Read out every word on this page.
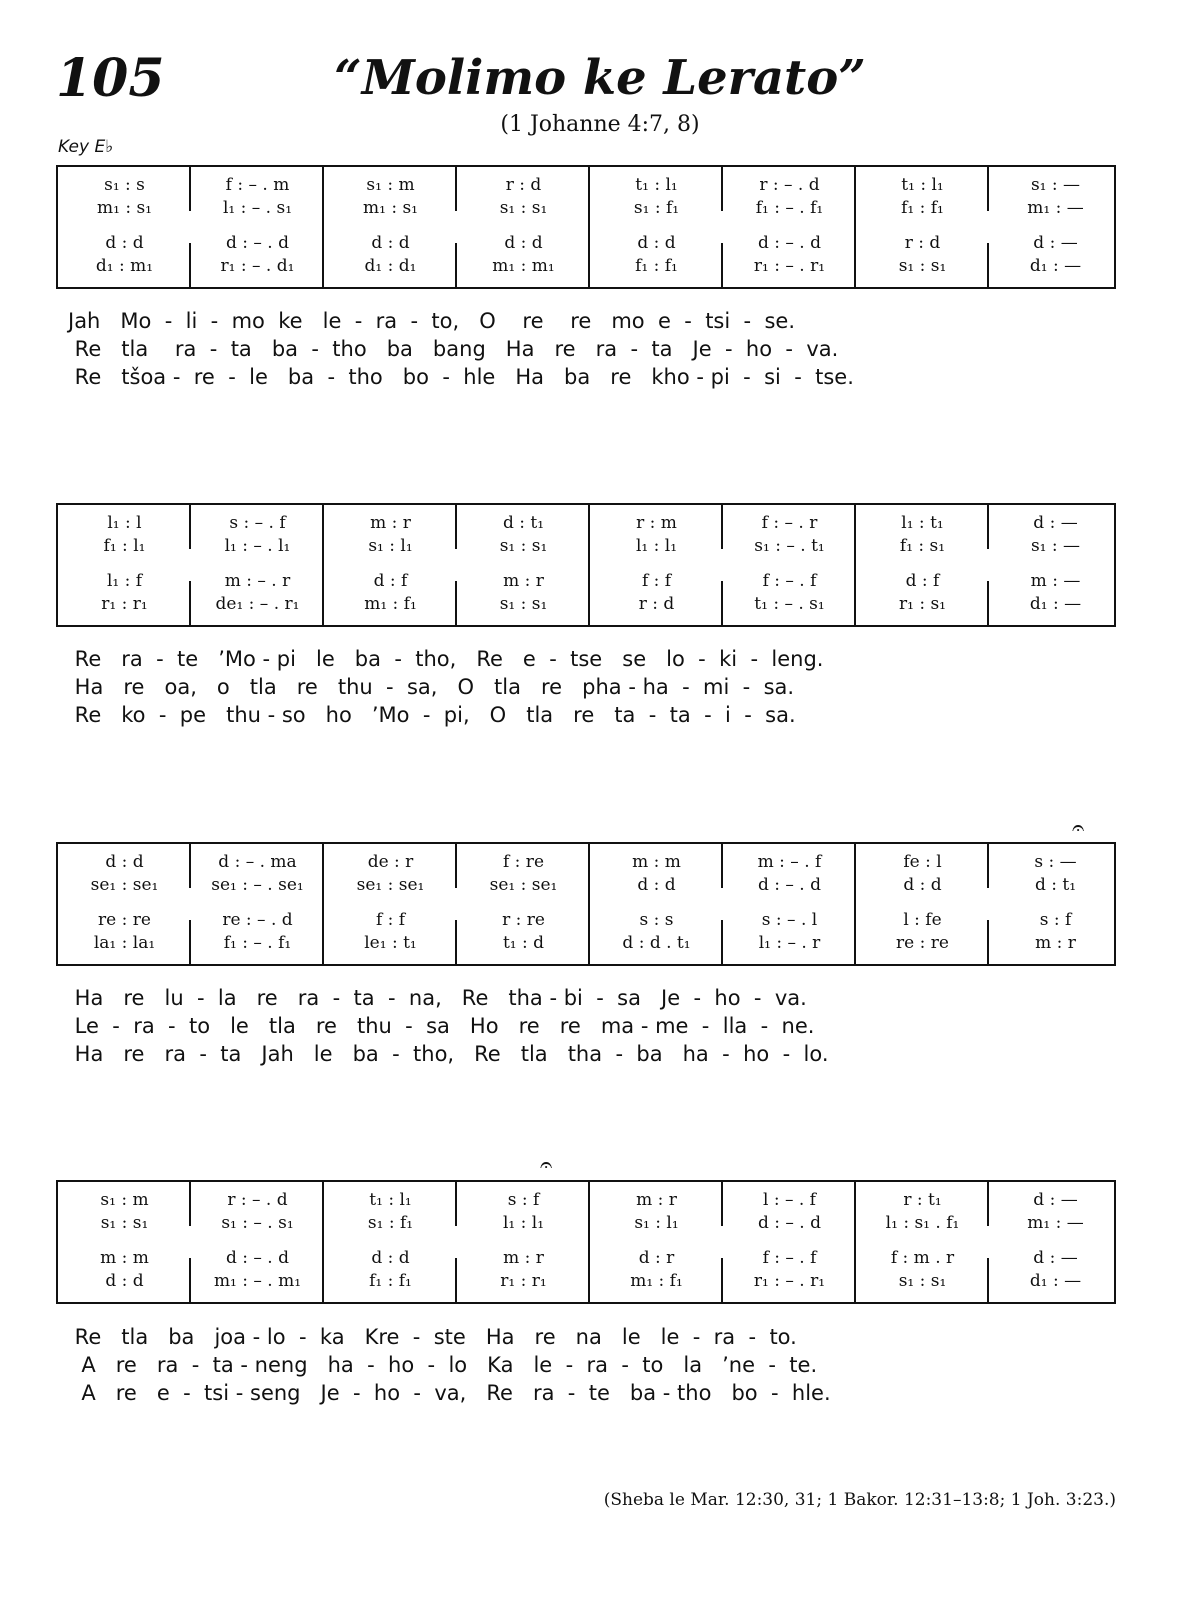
105	“Molimo ke Lerato”
(1 Johanne 4:7, 8)
Key E♭
s₁ : s	f : – . m	s₁ : m	r : d	t₁ : l₁	r : – . d	t₁ : l₁	s₁ : —
m₁ : s₁	l₁ : – . s₁	m₁ : s₁	s₁ : s₁	s₁ : f₁	f₁ : – . f₁	f₁ : f₁	m₁ : —
d : d	d : – . d	d : d	d : d	d : d	d : – . d	r : d	d : —
d₁ : m₁	r₁ : – . d₁	d₁ : d₁	m₁ : m₁	f₁ : f₁	r₁ : – . r₁	s₁ : s₁	d₁ : —
Jah   Mo  -  li  -  mo  ke   le  -  ra  -  to,   O    re    re   mo  e  -  tsi  -  se.
Re   tla    ra  -  ta   ba  -  tho   ba   bang   Ha   re   ra  -  ta   Je  -  ho  -  va.
Re   tšoa -  re  -  le   ba  -  tho   bo  -  hle   Ha   ba   re   kho - pi  -  si  -  tse.
l₁ : l	s : – . f	m : r	d : t₁	r : m	f : – . r	l₁ : t₁	d : —
f₁ : l₁	l₁ : – . l₁	s₁ : l₁	s₁ : s₁	l₁ : l₁	s₁ : – . t₁	f₁ : s₁	s₁ : —
l₁ : f	m : – . r	d : f	m : r	f : f	f : – . f	d : f	m : —
r₁ : r₁	de₁ : – . r₁	m₁ : f₁	s₁ : s₁	r : d	t₁ : – . s₁	r₁ : s₁	d₁ : —
Re   ra  -  te   ’Mo - pi   le   ba  -  tho,   Re   e  -  tse   se   lo  -  ki  -  leng.
Ha   re   oa,   o   tla   re   thu  -  sa,   O   tla   re   pha - ha  -  mi  -  sa.
Re   ko  -  pe   thu - so   ho   ’Mo  -  pi,   O   tla   re   ta  -  ta  -  i  -  sa.
d : d	d : – . ma	de : r	f : re	m : m	m : – . f	fe : l	s : —
se₁ : se₁	se₁ : – . se₁	se₁ : se₁	se₁ : se₁	d : d	d : – . d	d : d	d : t₁
re : re	re : – . d	f : f	r : re	s : s	s : – . l	l : fe	s : f
la₁ : la₁	f₁ : – . f₁	le₁ : t₁	t₁ : d	d : d . t₁	l₁ : – . r	re : re	m : r
Ha   re   lu  -  la   re   ra  -  ta  -  na,   Re   tha - bi  -  sa   Je  -  ho  -  va.
Le  -  ra  -  to   le   tla   re   thu  -  sa   Ho   re   re   ma - me  -  lla  -  ne.
Ha   re   ra  -  ta   Jah   le   ba  -  tho,   Re   tla   tha  -  ba   ha  -  ho  -  lo.
s₁ : m	r : – . d	t₁ : l₁	s : f	m : r	l : – . f	r : t₁	d : —
s₁ : s₁	s₁ : – . s₁	s₁ : f₁	l₁ : l₁	s₁ : l₁	d : – . d	l₁ : s₁ . f₁	m₁ : —
m : m	d : – . d	d : d	m : r	d : r	f : – . f	f : m . r	d : —
d : d	m₁ : – . m₁	f₁ : f₁	r₁ : r₁	m₁ : f₁	r₁ : – . r₁	s₁ : s₁	d₁ : —
Re   tla   ba   joa - lo  -  ka   Kre  -  ste   Ha   re   na   le   le  -  ra  -  to.
A   re   ra  -  ta - neng   ha  -  ho  -  lo   Ka   le  -  ra  -  to   la   ’ne  -  te.
A   re   e  -  tsi - seng   Je  -  ho  -  va,   Re   ra  -  te   ba - tho   bo  -  hle.
𝄐
𝄐
(Sheba le Mar. 12:30, 31; 1 Bakor. 12:31–13:8; 1 Joh. 3:23.)
